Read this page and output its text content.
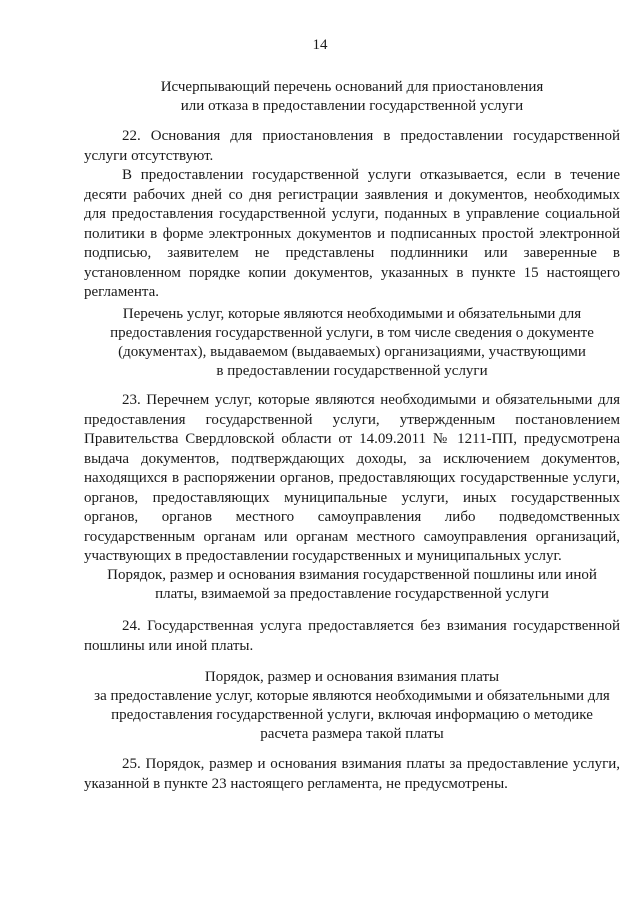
14

Исчерпывающий перечень оснований для приостановления
или отказа в предоставлении государственной услуги

22. Основания для приостановления в предоставлении государственной услуги отсутствуют.

В предоставлении государственной услуги отказывается, если в течение десяти рабочих дней со дня регистрации заявления и документов, необходимых для предоставления государственной услуги, поданных в управление социальной политики в форме электронных документов и подписанных простой электронной подписью, заявителем не представлены подлинники или заверенные в установленном порядке копии документов, указанных в пункте 15 настоящего регламента.

Перечень услуг, которые являются необходимыми и обязательными для
предоставления государственной услуги, в том числе сведения о документе
(документах), выдаваемом (выдаваемых) организациями, участвующими
в предоставлении государственной услуги

23. Перечнем услуг, которые являются необходимыми и обязательными для предоставления государственной услуги, утвержденным постановлением Правительства Свердловской области от 14.09.2011 № 1211-ПП, предусмотрена выдача документов, подтверждающих доходы, за исключением документов, находящихся в распоряжении органов, предоставляющих государственные услуги, органов, предоставляющих муниципальные услуги, иных государственных органов, органов местного самоуправления либо подведомственных государственным органам или органам местного самоуправления организаций, участвующих в предоставлении государственных и муниципальных услуг.

Порядок, размер и основания взимания государственной пошлины или иной
платы, взимаемой за предоставление государственной услуги

24. Государственная услуга предоставляется без взимания государственной пошлины или иной платы.

Порядок, размер и основания взимания платы
за предоставление услуг, которые являются необходимыми и обязательными для
предоставления государственной услуги, включая информацию о методике
расчета размера такой платы

25. Порядок, размер и основания взимания платы за предоставление услуги, указанной в пункте 23 настоящего регламента, не предусмотрены.
